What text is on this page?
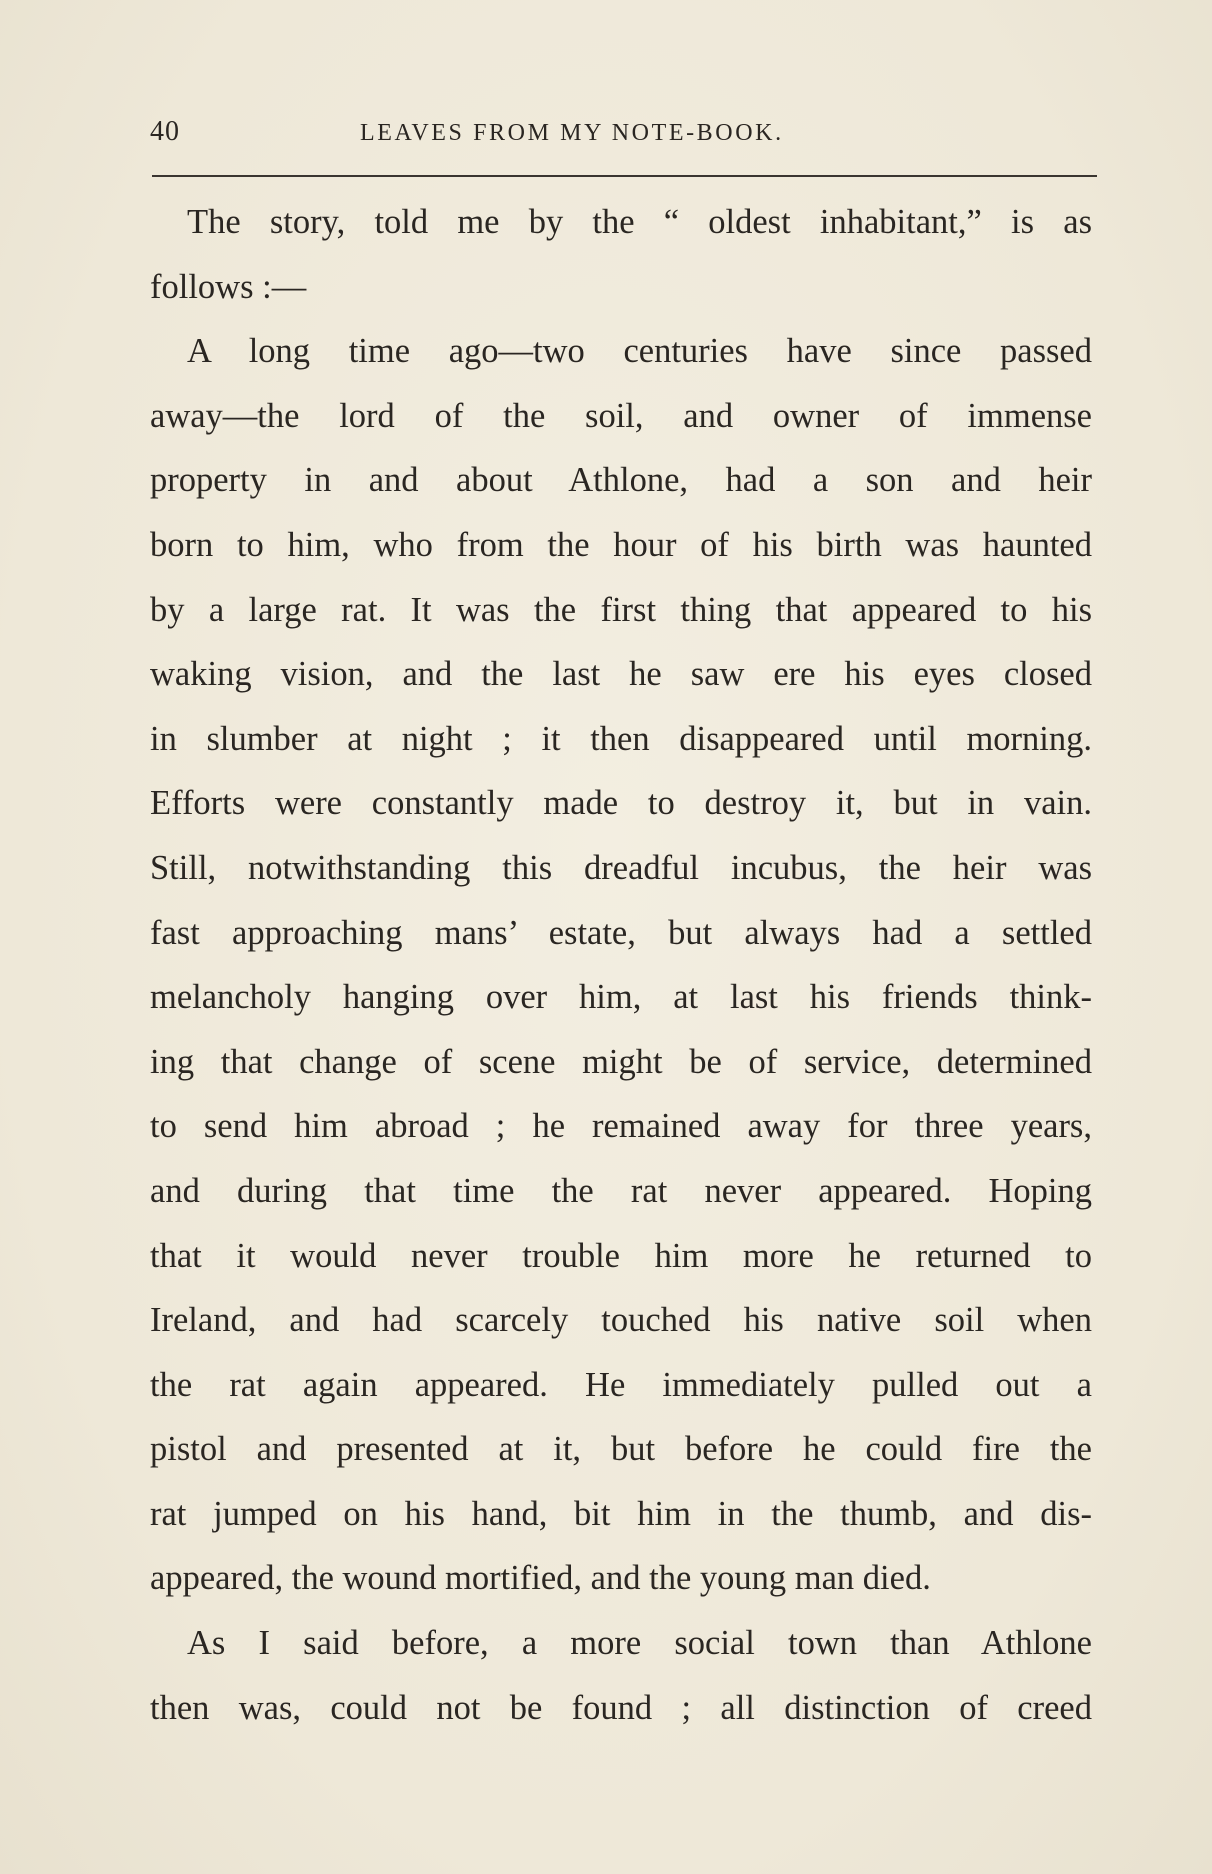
40	LEAVES FROM MY NOTE-BOOK.
The story, told me by the “ oldest inhabitant,” is as
follows :—
A long time ago—two centuries have since passed
away—the lord of the soil, and owner of immense
property in and about Athlone, had a son and heir
born to him, who from the hour of his birth was haunted
by a large rat. It was the first thing that appeared to his
waking vision, and the last he saw ere his eyes closed
in slumber at night ; it then disappeared until morning.
Efforts were constantly made to destroy it, but in vain.
Still, notwithstanding this dreadful incubus, the heir was
fast approaching mans’ estate, but always had a settled
melancholy hanging over him, at last his friends think-
ing that change of scene might be of service, determined
to send him abroad ; he remained away for three years,
and during that time the rat never appeared. Hoping
that it would never trouble him more he returned to
Ireland, and had scarcely touched his native soil when
the rat again appeared. He immediately pulled out a
pistol and presented at it, but before he could fire the
rat jumped on his hand, bit him in the thumb, and dis-
appeared, the wound mortified, and the young man died.
As I said before, a more social town than Athlone
then was, could not be found ; all distinction of creed
